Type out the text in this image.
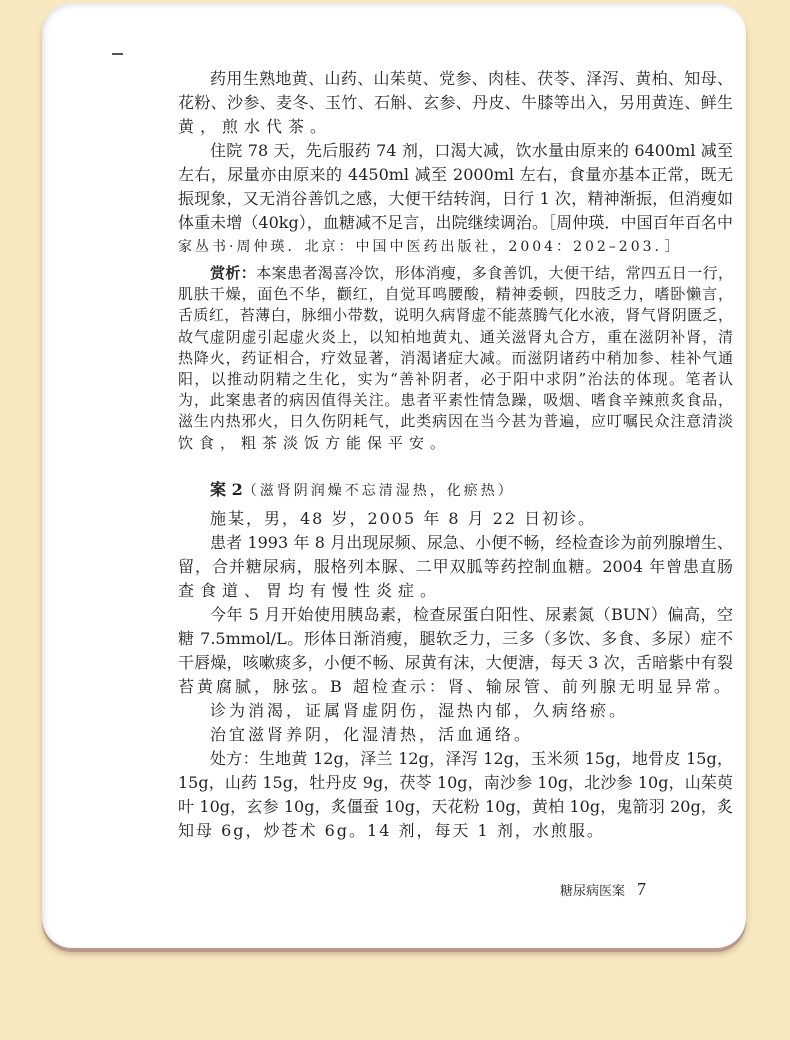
药用生熟地黄、山药、山茱萸、党参、肉桂、茯苓、泽泻、黄柏、知母、
花粉、沙参、麦冬、玉竹、石斛、玄参、丹皮、牛膝等出入，另用黄连、鲜生
黄，煎水代茶。
住院 78 天，先后服药 74 剂，口渴大减，饮水量由原来的 6400ml 减至
左右，尿量亦由原来的 4450ml 减至 2000ml 左右，食量亦基本正常，既无
振现象，又无消谷善饥之感，大便干结转润，日行 1 次，精神渐振，但消瘦如
体重未增（40kg），血糖减不足言，出院继续调治。［周仲瑛．中国百年百名中
家丛书·周仲瑛．北京：中国中医药出版社，2004：202–203．］
赏析：本案患者渴喜冷饮，形体消瘦，多食善饥，大便干结，常四五日一行，
肌肤干燥，面色不华，颧红，自觉耳鸣腰酸，精神委顿，四肢乏力，嗜卧懒言，
舌质红，苔薄白，脉细小带数，说明久病肾虚不能蒸腾气化水液，肾气肾阴匮乏，
故气虚阴虚引起虚火炎上，以知柏地黄丸、通关滋肾丸合方，重在滋阴补肾，清
热降火，药证相合，疗效显著，消渴诸症大减。而滋阴诸药中稍加参、桂补气通
阳，以推动阴精之生化，实为“善补阴者，必于阳中求阴”治法的体现。笔者认
为，此案患者的病因值得关注。患者平素性情急躁，吸烟、嗜食辛辣煎炙食品，
滋生内热邪火，日久伤阴耗气，此类病因在当今甚为普遍，应叮嘱民众注意清淡
饮食，粗茶淡饭方能保平安。
案 2（滋肾阴润燥不忘清湿热，化瘀热）
施某，男，48 岁，2005 年 8 月 22 日初诊。
患者 1993 年 8 月出现尿频、尿急、小便不畅，经检查诊为前列腺增生、
留，合并糖尿病，服格列本脲、二甲双胍等药控制血糖。2004 年曾患直肠
查食道、胃均有慢性炎症。
今年 5 月开始使用胰岛素，检查尿蛋白阳性、尿素氮（BUN）偏高，空
糖 7.5mmol/L。形体日渐消瘦，腿软乏力，三多（多饮、多食、多尿）症不
干唇燥，咳嗽痰多，小便不畅、尿黄有沫，大便溏，每天 3 次，舌暗紫中有裂
苔黄腐腻，脉弦。B 超检查示：肾、输尿管、前列腺无明显异常。
诊为消渴，证属肾虚阴伤，湿热内郁，久病络瘀。
治宜滋肾养阴，化湿清热，活血通络。
处方：生地黄 12g，泽兰 12g，泽泻 12g，玉米须 15g，地骨皮 15g，
15g，山药 15g，牡丹皮 9g，茯苓 10g，南沙参 10g，北沙参 10g，山茱萸
叶 10g，玄参 10g，炙僵蚕 10g，天花粉 10g，黄柏 10g，鬼箭羽 20g，炙
知母 6g，炒苍术 6g。14 剂，每天 1 剂，水煎服。
糖尿病医案 7
